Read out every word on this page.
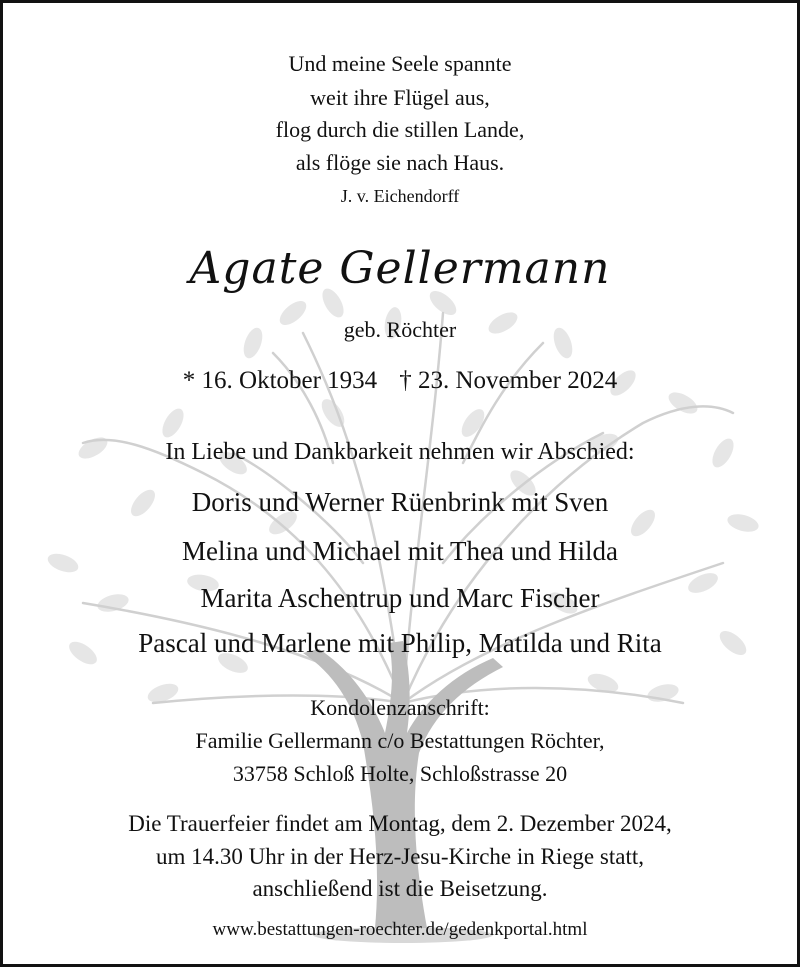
Und meine Seele spannte
weit ihre Flügel aus,
flog durch die stillen Lande,
als flöge sie nach Haus.
J. v. Eichendorff
Agate Gellermann
geb. Röchter
* 16. Oktober 1934 † 23. November 2024
In Liebe und Dankbarkeit nehmen wir Abschied:
Doris und Werner Rüenbrink mit Sven
Melina und Michael mit Thea und Hilda
Marita Aschentrup und Marc Fischer
Pascal und Marlene mit Philip, Matilda und Rita
Kondolenzanschrift:
Familie Gellermann c/o Bestattungen Röchter,
33758 Schloß Holte, Schloßstrasse 20
Die Trauerfeier findet am Montag, dem 2. Dezember 2024,
um 14.30 Uhr in der Herz-Jesu-Kirche in Riege statt,
anschließend ist die Beisetzung.
www.bestattungen-roechter.de/gedenkportal.html
